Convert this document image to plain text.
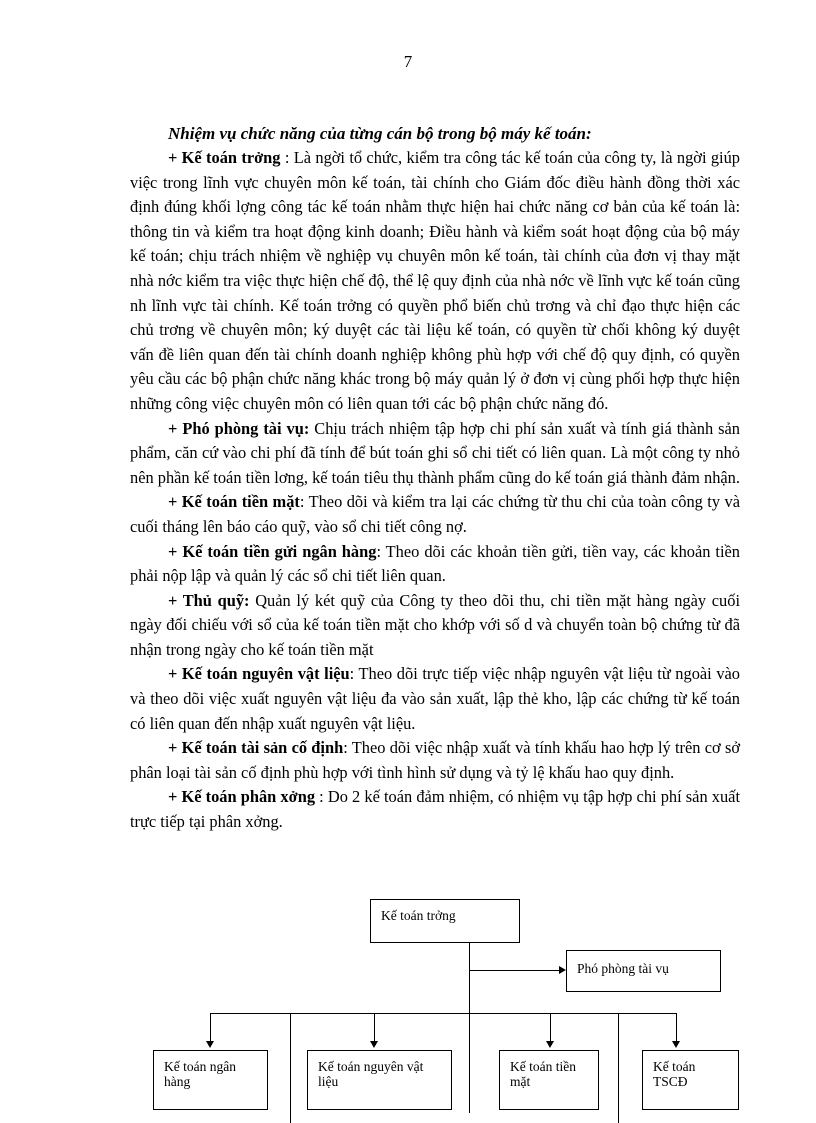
7

Nhiệm vụ chức năng của từng cán bộ trong bộ máy kế toán:

+ Kế toán trởng : Là ngời tổ chức, kiểm tra công tác kế toán của công ty, là ngời giúp việc trong lĩnh vực chuyên môn kế toán, tài chính cho Giám đốc điều hành đồng thời xác định đúng khối lợng công tác kế toán nhằm thực hiện hai chức năng cơ bản của kế toán là: thông tin và kiểm tra hoạt động kinh doanh; Điều hành và kiểm soát hoạt động của bộ máy kế toán; chịu trách nhiệm về nghiệp vụ chuyên môn kế toán, tài chính của đơn vị thay mặt nhà nớc kiểm tra việc thực hiện chế độ, thể lệ quy định của nhà nớc về lĩnh vực kế toán cũng nh lĩnh vực tài chính. Kế toán trởng có quyền phổ biến chủ trơng và chỉ đạo thực hiện các chủ trơng về chuyên môn; ký duyệt các tài liệu kế toán, có quyền từ chối không ký duyệt vấn đề liên quan đến tài chính doanh nghiệp không phù hợp với chế độ quy định, có quyền yêu cầu các bộ phận chức năng khác trong bộ máy quản lý ở đơn vị cùng phối hợp thực hiện những công việc chuyên môn có liên quan tới các bộ phận chức năng đó.

+ Phó phòng tài vụ: Chịu trách nhiệm tập hợp chi phí sản xuất và tính giá thành sản phẩm, căn cứ vào chi phí đã tính để bút toán ghi sổ chi tiết có liên quan. Là một công ty nhỏ nên phần kế toán tiền lơng, kế toán tiêu thụ thành phẩm cũng do kế toán giá thành đảm nhận.

+ Kế toán tiền mặt: Theo dõi và kiểm tra lại các chứng từ thu chi của toàn công ty và cuối tháng lên báo cáo quỹ, vào sổ chi tiết công nợ.

+ Kế toán tiền gửi ngân hàng: Theo dõi các khoản tiền gửi, tiền vay, các khoản tiền phải nộp lập và quản lý các sổ chi tiết liên quan.

+ Thủ quỹ: Quản lý két quỹ của Công ty theo dõi thu, chi tiền mặt hàng ngày cuối ngày đối chiếu với sổ của kế toán tiền mặt cho khớp với số d và chuyển toàn bộ chứng từ đã nhận trong ngày cho kế toán tiền mặt

+ Kế toán nguyên vật liệu: Theo dõi trực tiếp việc nhập nguyên vật liệu từ ngoài vào và theo dõi việc xuất nguyên vật liệu đa vào sản xuất, lập thẻ kho, lập các chứng từ kế toán có liên quan đến nhập xuất nguyên vật liệu.

+ Kế toán tài sản cố định: Theo dõi việc nhập xuất và tính khấu hao hợp lý trên cơ sở phân loại tài sản cố định phù hợp với tình hình sử dụng và tỷ lệ khấu hao quy định.

+ Kế toán phân xởng : Do 2 kế toán đảm nhiệm, có nhiệm vụ tập hợp chi phí sản xuất trực tiếp tại phân xởng.

Kế toán trởng
Phó phòng tài vụ
Kế toán ngân hàng
Kế toán nguyên vật liệu
Kế toán tiền mặt
Kế toán TSCĐ
